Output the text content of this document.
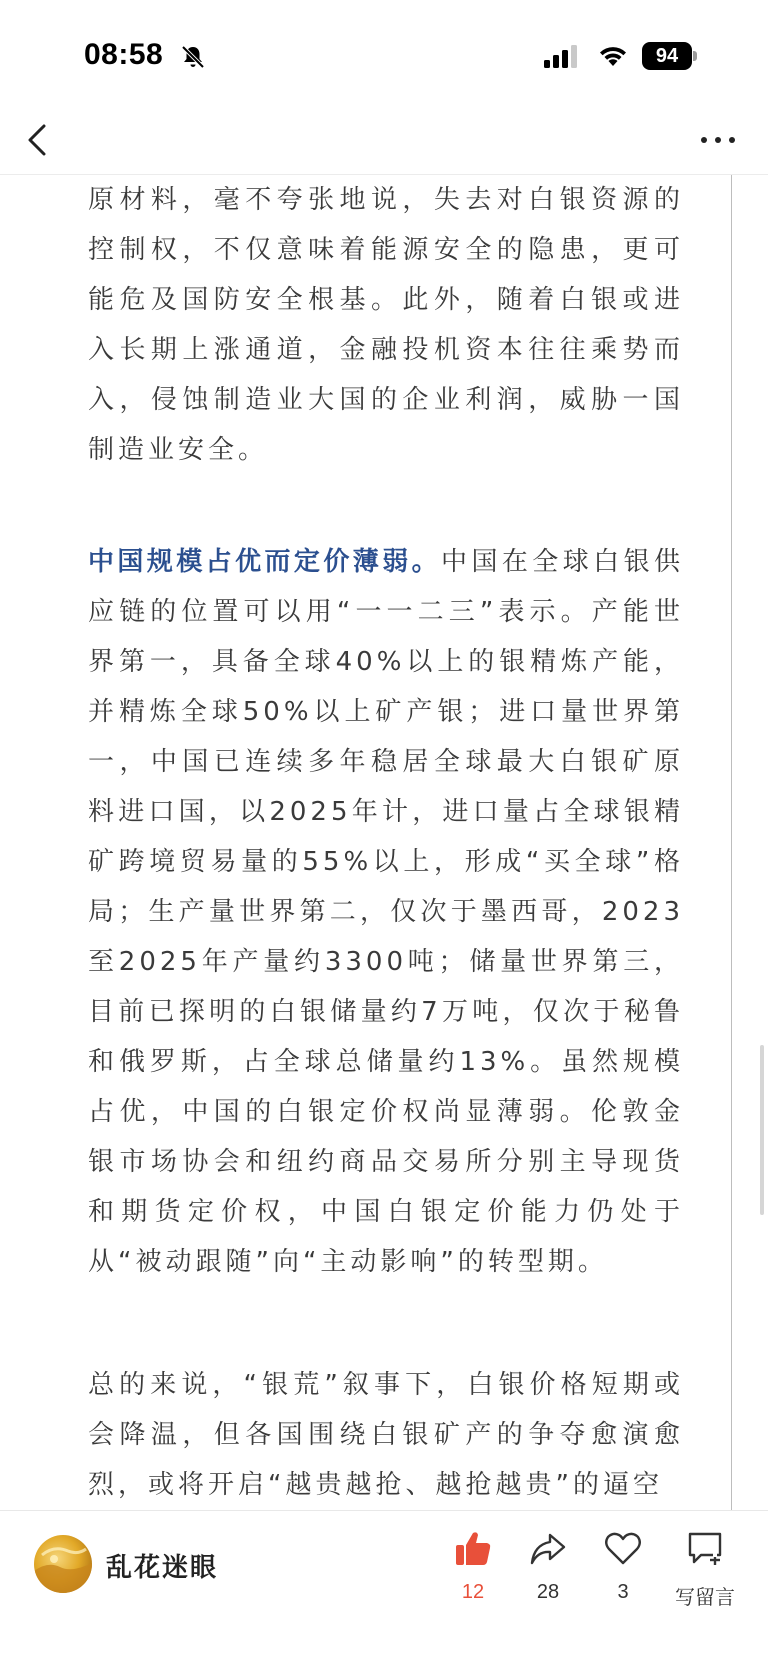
08:58	94

原材料，毫不夸张地说，失去对白银资源的控制权，不仅意味着能源安全的隐患，更可能危及国防安全根基。此外，随着白银或进入长期上涨通道，金融投机资本往往乘势而入，侵蚀制造业大国的企业利润，威胁一国制造业安全。

中国规模占优而定价薄弱。中国在全球白银供应链的位置可以用“一一二三”表示。产能世界第一，具备全球40%以上的银精炼产能，并精炼全球50%以上矿产银；进口量世界第一，中国已连续多年稳居全球最大白银矿原料进口国，以2025年计，进口量占全球银精矿跨境贸易量的55%以上，形成“买全球”格局；生产量世界第二，仅次于墨西哥，2023至2025年产量约3300吨；储量世界第三，目前已探明的白银储量约7万吨，仅次于秘鲁和俄罗斯，占全球总储量约13%。虽然规模占优，中国的白银定价权尚显薄弱。伦敦金银市场协会和纽约商品交易所分别主导现货和期货定价权，中国白银定价能力仍处于从“被动跟随”向“主动影响”的转型期。

总的来说，“银荒”叙事下，白银价格短期或会降温，但各国围绕白银矿产的争夺愈演愈烈，或将开启“越贵越抢、越抢越贵”的逼空

乱花迷眼
12	28	3	写留言
